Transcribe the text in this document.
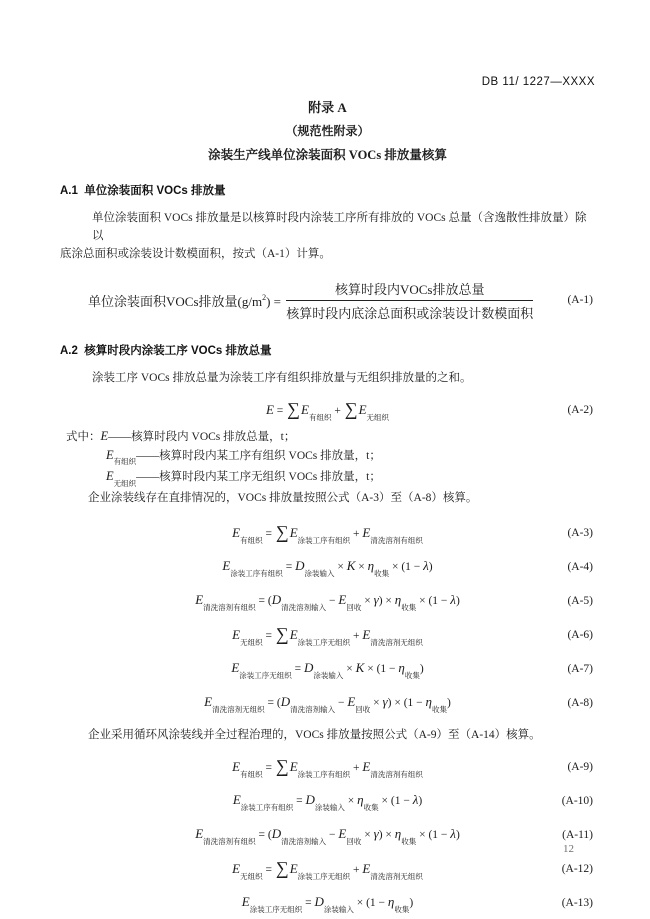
DB 11/ 1227—XXXX
附录 A
（规范性附录）
涂装生产线单位涂装面积 VOCs 排放量核算
A.1  单位涂装面积 VOCs 排放量
单位涂装面积 VOCs 排放量是以核算时段内涂装工序所有排放的 VOCs 总量（含逸散性排放量）除以
底涂总面积或涂装设计数模面积，按式（A-1）计算。
单位涂装面积VOCs排放量$(g/m^2) = \frac{\text{核算时段内VOCs排放总量}}{\text{核算时段内底涂总面积或涂装设计数模面积}}$	(A-1)
A.2  核算时段内涂装工序 VOCs 排放总量
涂装工序 VOCs 排放总量为涂装工序有组织排放量与无组织排放量的之和。
$E = \sum E_{有组织} + \sum E_{无组织}$
(A-2)
式中：E——核算时段内 VOCs 排放总量，t；
$E_{有组织}——$核算时段内某工序有组织 VOCs 排放量，t；
$E_{无组织}——$核算时段内某工序无组织 VOCs 排放量，t；
企业涂装线存在直排情况的，VOCs 排放量按照公式（A-3）至（A-8）核算。
$E_{有组织} = \sum E_{涂装工序有组织} + E_{清洗溶剂有组织}$
(A-3)
$E_{涂装工序有组织} = D_{涂装输入} \times K \times \eta_{收集} \times (1 - \lambda)$	(A-4)
$E_{清洗溶剂有组织} = (D_{清洗溶剂输入} - E_{回收} \times \gamma) \times \eta_{收集} \times (1 - \lambda)$	(A-5)
$E_{无组织} = \sum E_{涂装工序无组织} + E_{清洗溶剂无组织}$
(A-6)
$E_{涂装工序无组织} = D_{涂装输入} \times K \times (1 - \eta_{收集})$	(A-7)
$E_{清洗溶剂无组织} = (D_{清洗溶剂输入} - E_{回收} \times \gamma) \times (1 - \eta_{收集})$	(A-8)
企业采用循环风涂装线并全过程治理的，VOCs 排放量按照公式（A-9）至（A-14）核算。
$E_{有组织} = \sum E_{涂装工序有组织} + E_{清洗溶剂有组织}$
(A-9)
$E_{涂装工序有组织} = D_{涂装输入} \times \eta_{收集} \times (1 - \lambda)$	(A-10)
$E_{清洗溶剂有组织} = (D_{清洗溶剂输入} - E_{回收} \times \gamma) \times \eta_{收集} \times (1 - \lambda)$	(A-11)
$E_{无组织} = \sum E_{涂装工序无组织} + E_{清洗溶剂无组织}$
(A-12)
$E_{涂装工序无组织} = D_{涂装输入} \times (1 - \eta_{收集})$	(A-13)
12
